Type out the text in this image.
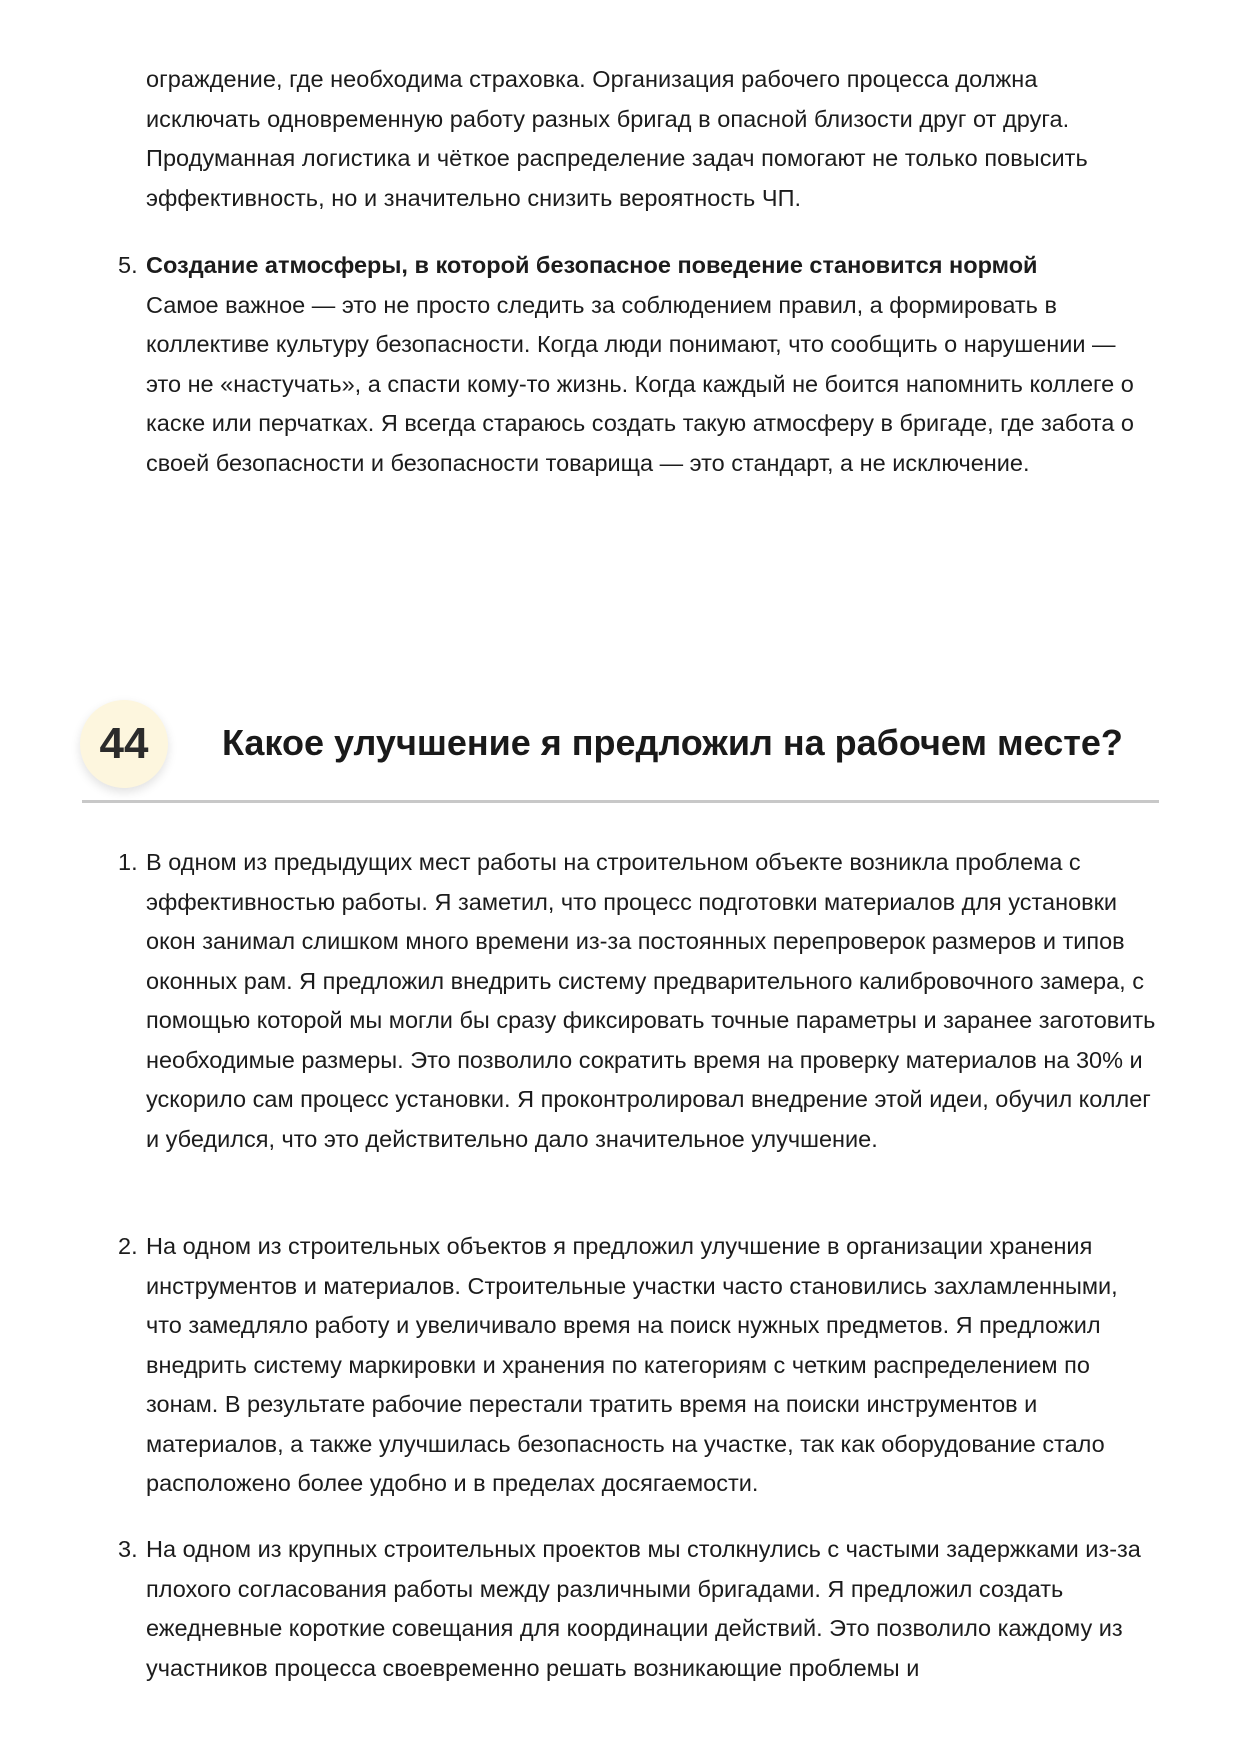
ограждение, где необходима страховка. Организация рабочего процесса должна исключать одновременную работу разных бригад в опасной близости друг от друга. Продуманная логистика и чёткое распределение задач помогают не только повысить эффективность, но и значительно снизить вероятность ЧП.
5. Создание атмосферы, в которой безопасное поведение становится нормой
Самое важное — это не просто следить за соблюдением правил, а формировать в коллективе культуру безопасности. Когда люди понимают, что сообщить о нарушении — это не «настучать», а спасти кому-то жизнь. Когда каждый не боится напомнить коллеге о каске или перчатках. Я всегда стараюсь создать такую атмосферу в бригаде, где забота о своей безопасности и безопасности товарища — это стандарт, а не исключение.
44	Какое улучшение я предложил на рабочем месте?
1. В одном из предыдущих мест работы на строительном объекте возникла проблема с эффективностью работы. Я заметил, что процесс подготовки материалов для установки окон занимал слишком много времени из-за постоянных перепроверок размеров и типов оконных рам. Я предложил внедрить систему предварительного калибровочного замера, с помощью которой мы могли бы сразу фиксировать точные параметры и заранее заготовить необходимые размеры. Это позволило сократить время на проверку материалов на 30% и ускорило сам процесс установки. Я проконтролировал внедрение этой идеи, обучил коллег и убедился, что это действительно дало значительное улучшение.
2. На одном из строительных объектов я предложил улучшение в организации хранения инструментов и материалов. Строительные участки часто становились захламленными, что замедляло работу и увеличивало время на поиск нужных предметов. Я предложил внедрить систему маркировки и хранения по категориям с четким распределением по зонам. В результате рабочие перестали тратить время на поиски инструментов и материалов, а также улучшилась безопасность на участке, так как оборудование стало расположено более удобно и в пределах досягаемости.
3. На одном из крупных строительных проектов мы столкнулись с частыми задержками из-за плохого согласования работы между различными бригадами. Я предложил создать ежедневные короткие совещания для координации действий. Это позволило каждому из участников процесса своевременно решать возникающие проблемы и
